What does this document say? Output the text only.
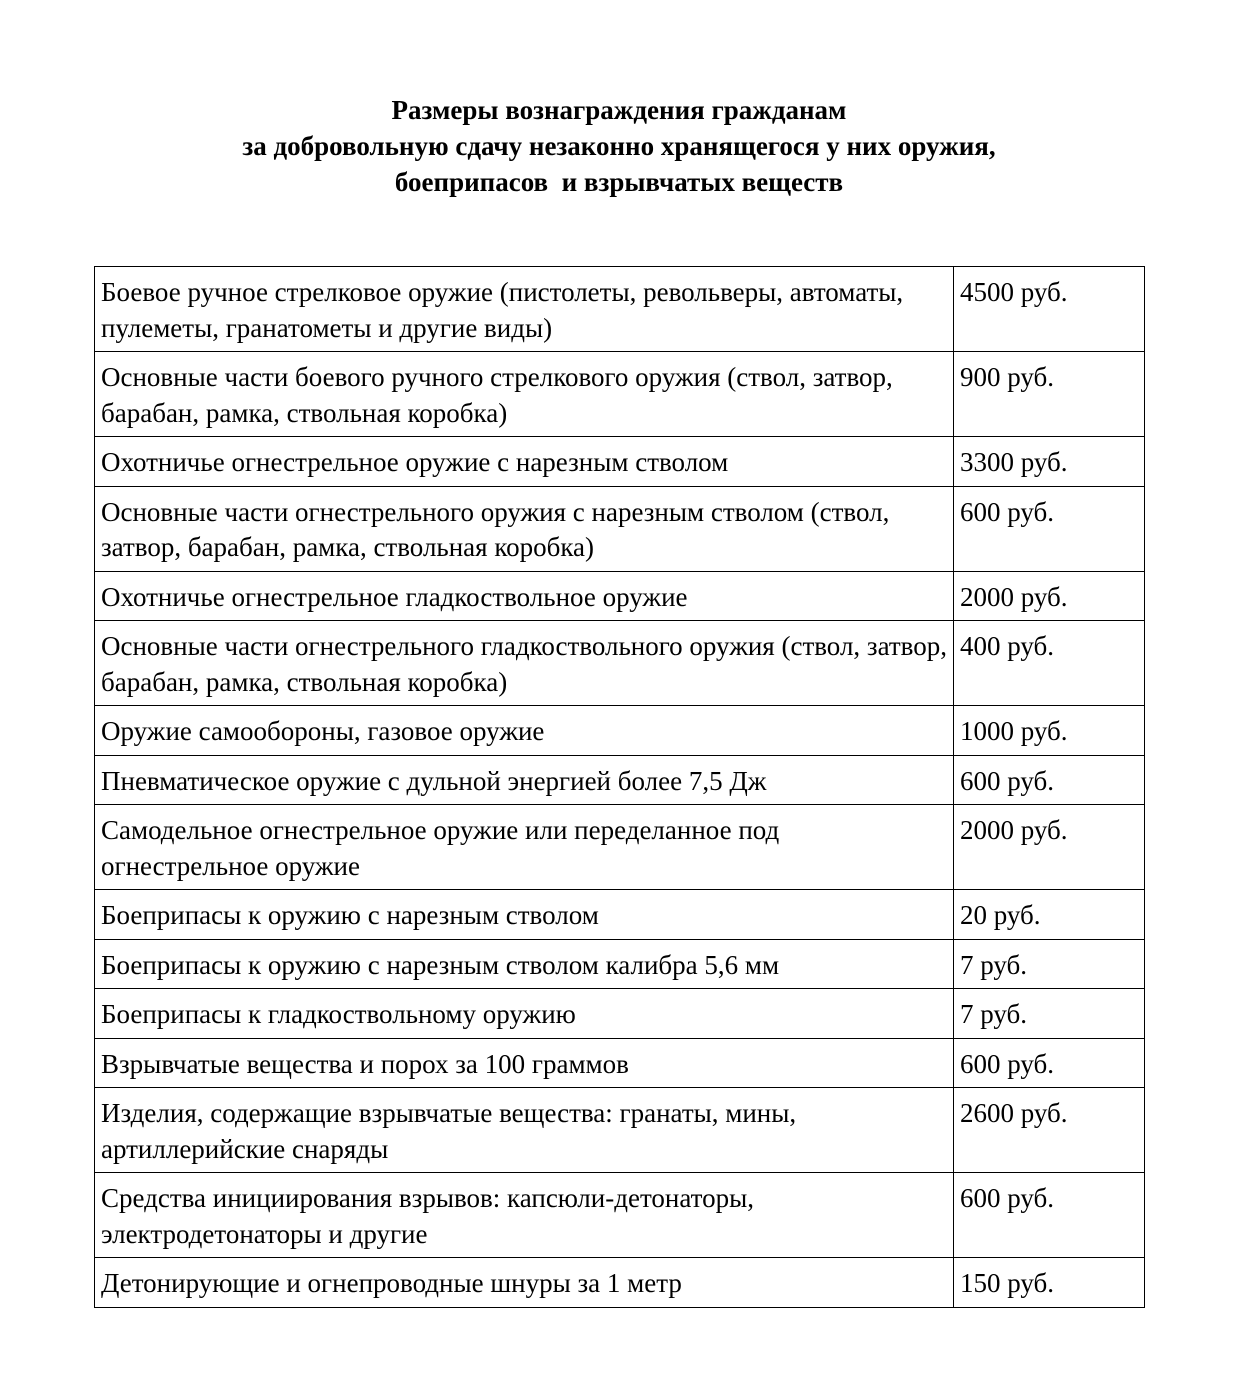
Размеры вознаграждения гражданам
за добровольную сдачу незаконно хранящегося у них оружия,
боеприпасов  и взрывчатых веществ
Боевое ручное стрелковое оружие (пистолеты, револьверы, автоматы, пулеметы, гранатометы и другие виды)	4500 руб.
Основные части боевого ручного стрелкового оружия (ствол, затвор, барабан, рамка, ствольная коробка)	900 руб.
Охотничье огнестрельное оружие с нарезным стволом	3300 руб.
Основные части огнестрельного оружия с нарезным стволом (ствол, затвор, барабан, рамка, ствольная коробка)	600 руб.
Охотничье огнестрельное гладкоствольное оружие	2000 руб.
Основные части огнестрельного гладкоствольного оружия (ствол, затвор, барабан, рамка, ствольная коробка)	400 руб.
Оружие самообороны, газовое оружие	1000 руб.
Пневматическое оружие с дульной энергией более 7,5 Дж	600 руб.
Самодельное огнестрельное оружие или переделанное под огнестрельное оружие	2000 руб.
Боеприпасы к оружию с нарезным стволом	20 руб.
Боеприпасы к оружию с нарезным стволом калибра 5,6 мм	7 руб.
Боеприпасы к гладкоствольному оружию	7 руб.
Взрывчатые вещества и порох за 100 граммов	600 руб.
Изделия, содержащие взрывчатые вещества: гранаты, мины, артиллерийские снаряды	2600 руб.
Средства инициирования взрывов: капсюли-детонаторы, электродетонаторы и другие	600 руб.
Детонирующие и огнепроводные шнуры за 1 метр	150 руб.
